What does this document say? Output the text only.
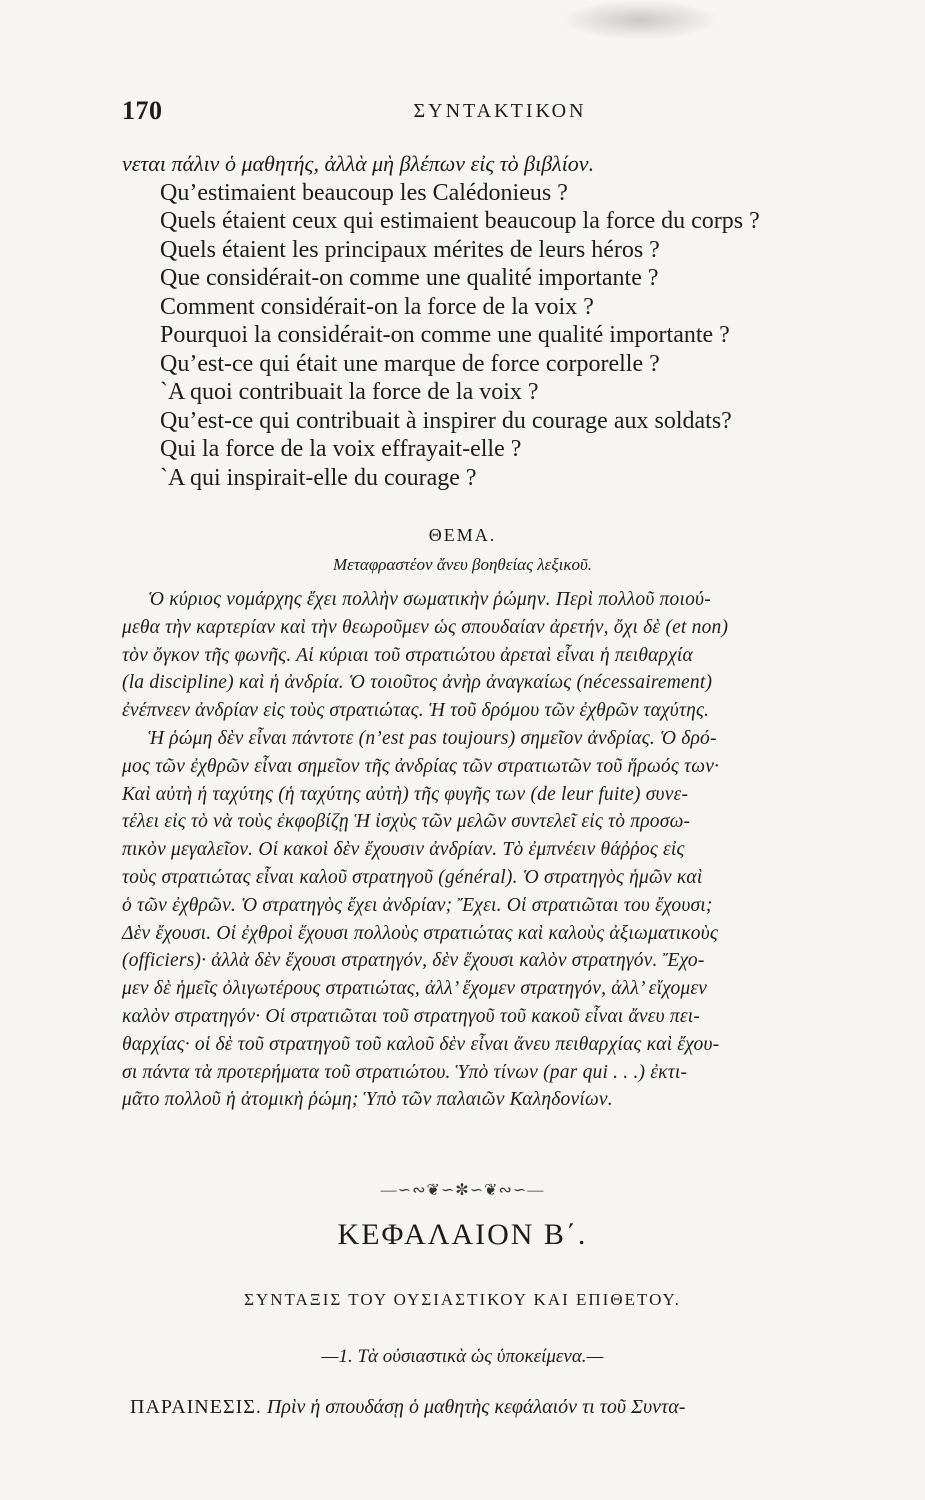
170	ΣΥΝΤΑΚΤΙΚΟΝ
νεται πάλιν ὁ μαθητής, ἀλλὰ μὴ βλέπων εἰς τὸ βιβλίον.
Qu’estimaient beaucoup les Calédonieus ?
Quels étaient ceux qui estimaient beaucoup la force du corps ?
Quels étaient les principaux mérites de leurs héros ?
Que considérait-on comme une qualité importante ?
Comment considérait-on la force de la voix ?
Pourquoi la considérait-on comme une qualité importante ?
Qu’est-ce qui était une marque de force corporelle ?
`A quoi contribuait la force de la voix ?
Qu’est-ce qui contribuait à inspirer du courage aux soldats?
Qui la force de la voix effrayait-elle ?
`A qui inspirait-elle du courage ?
ΘΕΜΑ.
Μεταφραστέον ἄνευ βοηθείας λεξικοῦ.
Ὁ κύριος νομάρχης ἔχει πολλὴν σωματικὴν ῥώμην. Περὶ πολλοῦ ποιού-
μεθα τὴν καρτερίαν καὶ τὴν θεωροῦμεν ὡς σπουδαίαν ἀρετήν, ὄχι δὲ (et non)
τὸν ὄγκον τῆς φωνῆς. Αἱ κύριαι τοῦ στρατιώτου ἀρεταὶ εἶναι ἡ πειθαρχία
(la discipline) καὶ ἡ ἀνδρία. Ὁ τοιοῦτος ἀνὴρ ἀναγκαίως (nécessairement)
ἐνέπνεεν ἀνδρίαν εἰς τοὺς στρατιώτας. Ἡ τοῦ δρόμου τῶν ἐχθρῶν ταχύτης.
Ἡ ῥώμη δὲν εἶναι πάντοτε (n’est pas toujours) σημεῖον ἀνδρίας. Ὁ δρό-
μος τῶν ἐχθρῶν εἶναι σημεῖον τῆς ἀνδρίας τῶν στρατιωτῶν τοῦ ἥρωός των·
Καὶ αὐτὴ ἡ ταχύτης (ἡ ταχύτης αὐτὴ) τῆς φυγῆς των (de leur fuite) συνε-
τέλει εἰς τὸ νὰ τοὺς ἐκφοβίζῃ Ἡ ἰσχὺς τῶν μελῶν συντελεῖ εἰς τὸ προσω-
πικὸν μεγαλεῖον. Οἱ κακοὶ δὲν ἔχουσιν ἀνδρίαν. Τὸ ἐμπνέειν θάῤῥος εἰς
τοὺς στρατιώτας εἶναι καλοῦ στρατηγοῦ (général). Ὁ στρατηγὸς ἡμῶν καὶ
ὁ τῶν ἐχθρῶν. Ὁ στρατηγὸς ἔχει ἀνδρίαν; Ἔχει. Οἱ στρατιῶται του ἔχουσι;
Δὲν ἔχουσι. Οἱ ἐχθροὶ ἔχουσι πολλοὺς στρατιώτας καὶ καλοὺς ἀξιωματικοὺς
(officiers)· ἀλλὰ δὲν ἔχουσι στρατηγόν, δὲν ἔχουσι καλὸν στρατηγόν. Ἔχο-
μεν δὲ ἡμεῖς ὀλιγωτέρους στρατιώτας, ἀλλ’ ἔχομεν στρατηγόν, ἀλλ’ εἴχομεν
καλὸν στρατηγόν· Οἱ στρατιῶται τοῦ στρατηγοῦ τοῦ κακοῦ εἶναι ἄνευ πει-
θαρχίας· οἱ δὲ τοῦ στρατηγοῦ τοῦ καλοῦ δὲν εἶναι ἄνευ πειθαρχίας καὶ ἔχου-
σι πάντα τὰ προτερήματα τοῦ στρατιώτου. Ὑπὸ τίνων (par qui . . .) ἐκτι-
μᾶτο πολλοῦ ἡ ἀτομικὴ ῥώμη; Ὑπὸ τῶν παλαιῶν Καληδονίων.
—∽∾❦∽✼∽❦∾∽—
ΚΕΦΑΛΑΙΟΝ Β΄.
ΣΥΝΤΑΞΙΣ ΤΟΥ ΟΥΣΙΑΣΤΙΚΟΥ ΚΑΙ ΕΠΙΘΕΤΟΥ.
—1. Τὰ οὐσιαστικὰ ὡς ὑποκείμενα.—
ΠΑΡΑΙΝΕΣΙΣ. Πρὶν ἡ σπουδάσῃ ὁ μαθητὴς κεφάλαιόν τι τοῦ Συντα-
